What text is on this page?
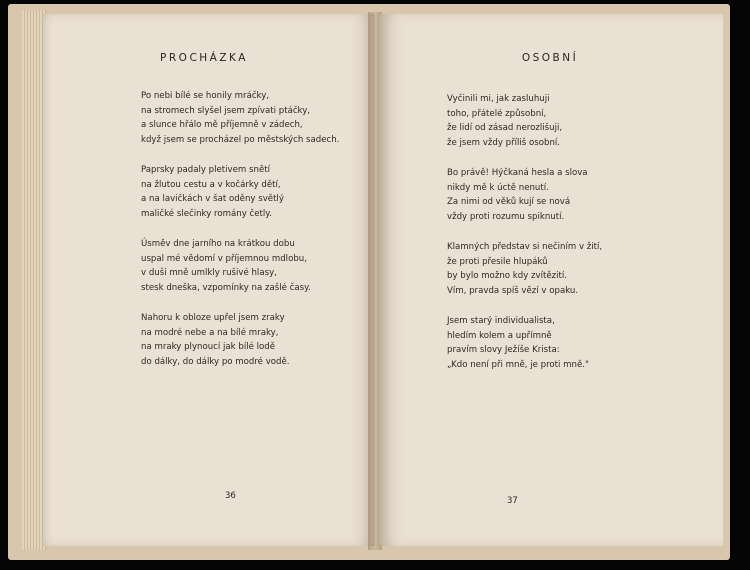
PROCHÁZKA
Po nebi bílé se honily mráčky,
na stromech slyšel jsem zpívati ptáčky,
a slunce hřálo mě příjemně v zádech,
když jsem se procházel po městských sadech.
Paprsky padaly pletivem snětí
na žlutou cestu a v kočárky dětí,
a na lavičkách v šat oděny světlý
maličké slečinky romány četly.
Úsměv dne jarního na krátkou dobu
uspal mé vědomí v příjemnou mdlobu,
v duši mně umlkly rušivé hlasy,
stesk dneška, vzpomínky na zašlé časy.
Nahoru k obloze upřel jsem zraky
na modré nebe a na bílé mraky,
na mraky plynoucí jak bílé lodě
do dálky, do dálky po modré vodě.
36
OSOBNÍ
Vyčinili mi, jak zasluhuji
toho, přátelé způsobní,
že lidí od zásad nerozlišuji,
že jsem vždy příliš osobní.
Bo právě! Hýčkaná hesla a slova
nikdy mě k úctě nenutí.
Za nimi od věků kují se nová
vždy proti rozumu spiknutí.
Klamných představ si nečiním v žití,
že proti přesile hlupáků
by bylo možno kdy zvítězití.
Vím, pravda spíš vězí v opaku.
Jsem starý individualista,
hledím kolem a upřímně
pravím slovy Ježíše Krista:
„Kdo není při mně, je proti mně."
37
